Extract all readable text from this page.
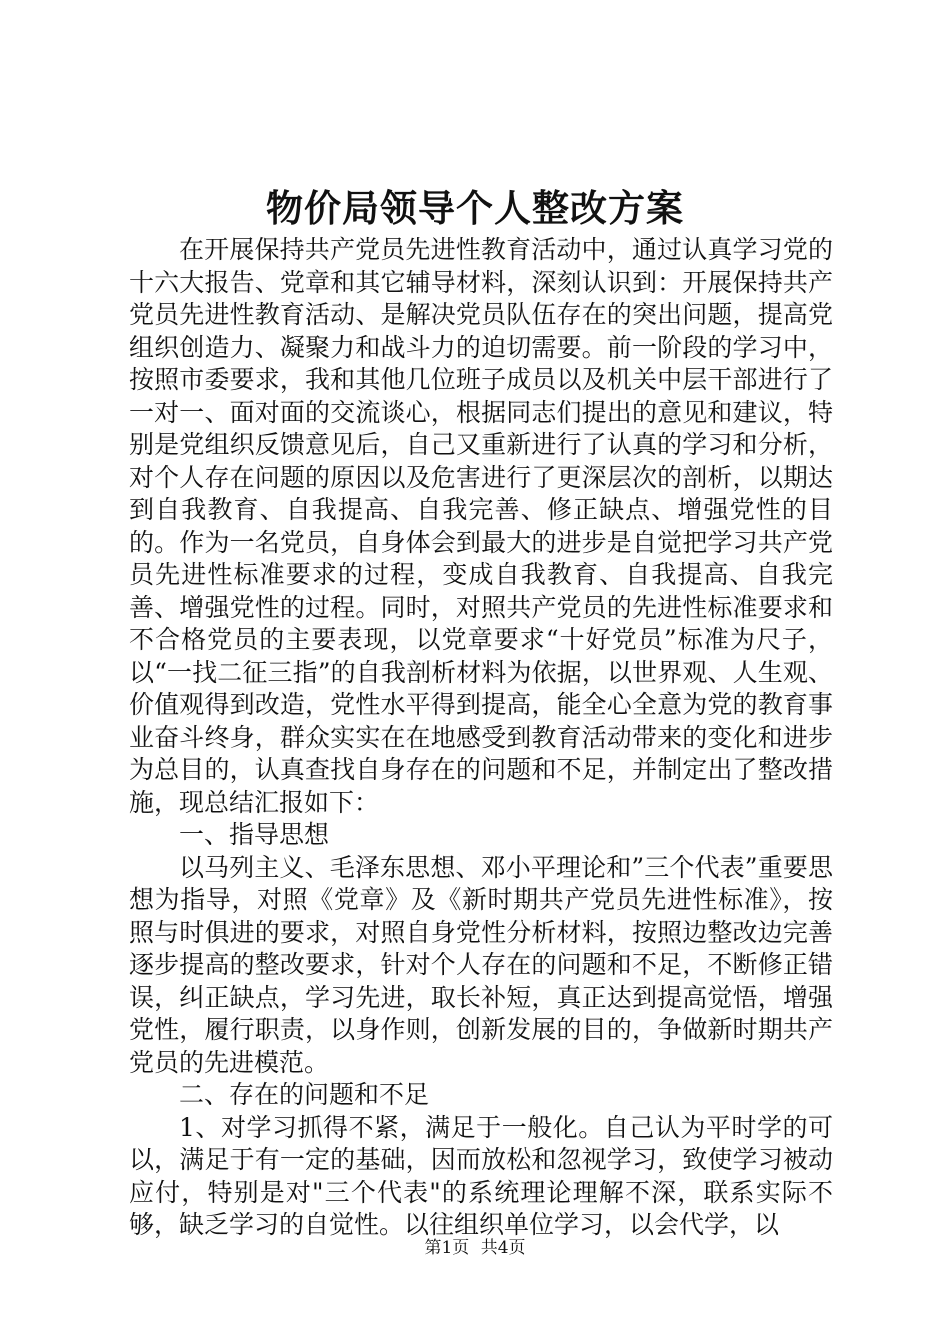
物价局领导个人整改方案

在开展保持共产党员先进性教育活动中，通过认真学习党的十六大报告、党章和其它辅导材料，深刻认识到：开展保持共产党员先进性教育活动、是解决党员队伍存在的突出问题，提高党组织创造力、凝聚力和战斗力的迫切需要。前一阶段的学习中，按照市委要求，我和其他几位班子成员以及机关中层干部进行了一对一、面对面的交流谈心，根据同志们提出的意见和建议，特别是党组织反馈意见后，自己又重新进行了认真的学习和分析，对个人存在问题的原因以及危害进行了更深层次的剖析，以期达到自我教育、自我提高、自我完善、修正缺点、增强党性的目的。作为一名党员，自身体会到最大的进步是自觉把学习共产党员先进性标准要求的过程，变成自我教育、自我提高、自我完善、增强党性的过程。同时，对照共产党员的先进性标准要求和不合格党员的主要表现，以党章要求“十好党员”标准为尺子，以“一找二征三指”的自我剖析材料为依据，以世界观、人生观、价值观得到改造，党性水平得到提高，能全心全意为党的教育事业奋斗终身，群众实实在在地感受到教育活动带来的变化和进步为总目的，认真查找自身存在的问题和不足，并制定出了整改措施，现总结汇报如下：

一、指导思想

以马列主义、毛泽东思想、邓小平理论和”三个代表”重要思想为指导，对照《党章》及《新时期共产党员先进性标准》，按照与时俱进的要求，对照自身党性分析材料，按照边整改边完善逐步提高的整改要求，针对个人存在的问题和不足，不断修正错误，纠正缺点，学习先进，取长补短，真正达到提高觉悟，增强党性，履行职责，以身作则，创新发展的目的，争做新时期共产党员的先进模范。

二、存在的问题和不足

1、对学习抓得不紧，满足于一般化。自己认为平时学的可以，满足于有一定的基础，因而放松和忽视学习，致使学习被动应付，特别是对"三个代表"的系统理论理解不深，联系实际不够，缺乏学习的自觉性。以往组织单位学习，以会代学，以

第1页 共4页
